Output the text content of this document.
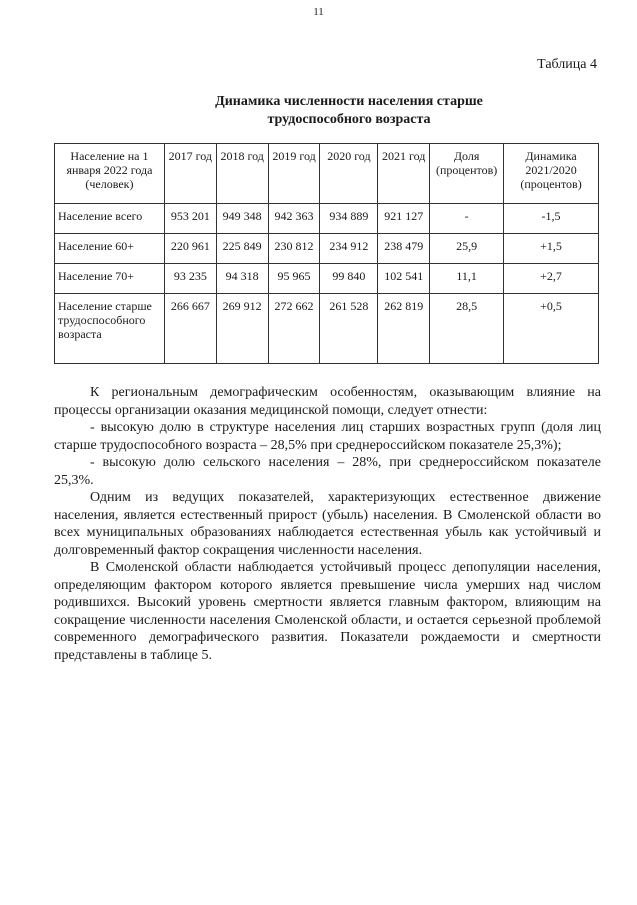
11
Таблица 4
Динамика численности населения старше
трудоспособного возраста
Население на 1 января 2022 года (человек)	2017 год	2018 год	2019 год	2020 год	2021 год	Доля (процентов)	Динамика 2021/2020 (процентов)
Население всего	953 201	949 348	942 363	934 889	921 127	-	-1,5
Население 60+	220 961	225 849	230 812	234 912	238 479	25,9	+1,5
Население 70+	93 235	94 318	95 965	99 840	102 541	11,1	+2,7
Население старше трудоспособного возраста	266 667	269 912	272 662	261 528	262 819	28,5	+0,5

К региональным демографическим особенностям, оказывающим влияние на процессы организации оказания медицинской помощи, следует отнести:

- высокую долю в структуре населения лиц старших возрастных групп (доля лиц старше трудоспособного возраста – 28,5% при среднероссийском показателе 25,3%);

- высокую долю сельского населения – 28%, при среднероссийском показателе 25,3%.

Одним из ведущих показателей, характеризующих естественное движение населения, является естественный прирост (убыль) населения. В Смоленской области во всех муниципальных образованиях наблюдается естественная убыль как устойчивый и долговременный фактор сокращения численности населения.

В Смоленской области наблюдается устойчивый процесс депопуляции населения, определяющим фактором которого является превышение числа умерших над числом родившихся. Высокий уровень смертности является главным фактором, влияющим на сокращение численности населения Смоленской области, и остается серьезной проблемой современного демографического развития. Показатели рождаемости и смертности представлены в таблице 5.
